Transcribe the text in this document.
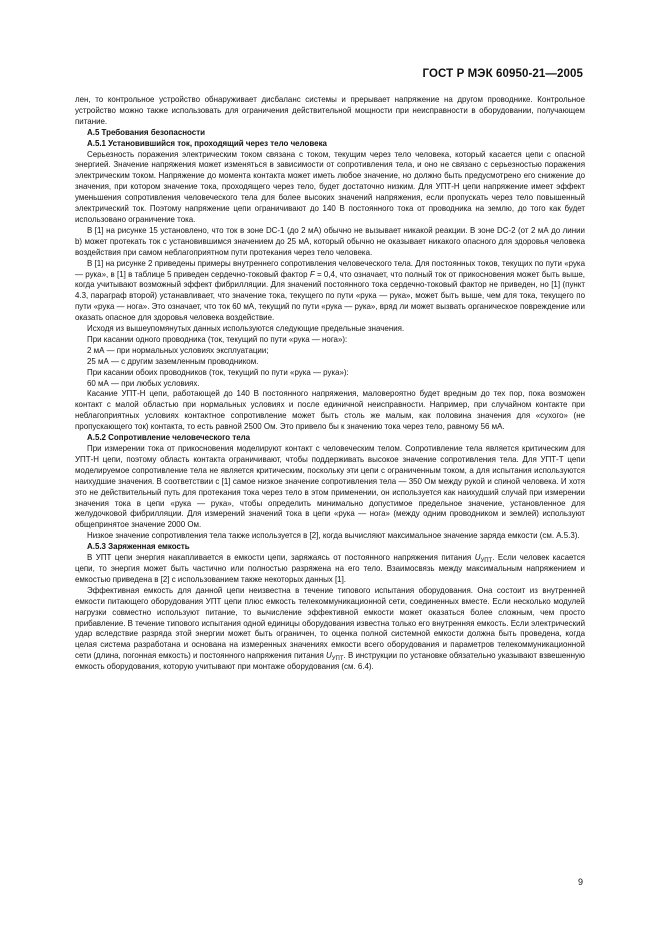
ГОСТ Р МЭК 60950-21—2005

лен, то контрольное устройство обнаруживает дисбаланс системы и прерывает напряжение на другом проводнике. Контрольное устройство можно также использовать для ограничения действительной мощности при неисправности в оборудовании, получающем питание.

А.5 Требования безопасности

А.5.1 Установившийся ток, проходящий через тело человека

Серьезность поражения электрическим током связана с током, текущим через тело человека, который касается цепи с опасной энергией. Значение напряжения может изменяться в зависимости от сопротивления тела, и оно не связано с серьезностью поражения электрическим током. Напряжение до момента контакта может иметь любое значение, но должно быть предусмотрено его снижение до значения, при котором значение тока, проходящего через тело, будет достаточно низким. Для УПТ-Н цепи напряжение имеет эффект уменьшения сопротивления человеческого тела для более высоких значений напряжения, если пропускать через тело повышенный электрический ток. Поэтому напряжение цепи ограничивают до 140 В постоянного тока от проводника на землю, до того как будет использовано ограничение тока.

В [1] на рисунке 15 установлено, что ток в зоне DC-1 (до 2 мА) обычно не вызывает никакой реакции. В зоне DC-2 (от 2 мА до линии b) может протекать ток с установившимся значением до 25 мА, который обычно не оказывает никакого опасного для здоровья человека воздействия при самом неблагоприятном пути протекания через тело человека.

В [1] на рисунке 2 приведены примеры внутреннего сопротивления человеческого тела. Для постоянных токов, текущих по пути «рука — рука», в [1] в таблице 5 приведен сердечно-токовый фактор F = 0,4, что означает, что полный ток от прикосновения может быть выше, когда учитывают возможный эффект фибрилляции. Для значений постоянного тока сердечно-токовый фактор не приведен, но [1] (пункт 4.3, параграф второй) устанавливает, что значение тока, текущего по пути «рука — рука», может быть выше, чем для тока, текущего по пути «рука — нога». Это означает, что ток 60 мА, текущий по пути «рука — рука», вряд ли может вызвать органическое повреждение или оказать опасное для здоровья человека воздействие.

Исходя из вышеупомянутых данных используются следующие предельные значения.

При касании одного проводника (ток, текущий по пути «рука — нога»):

2 мА — при нормальных условиях эксплуатации;

25 мА — с другим заземленным проводником.

При касании обоих проводников (ток, текущий по пути «рука — рука»):

60 мА — при любых условиях.

Касание УПТ-Н цепи, работающей до 140 В постоянного напряжения, маловероятно будет вредным до тех пор, пока возможен контакт с малой областью при нормальных условиях и после единичной неисправности. Например, при случайном контакте при неблагоприятных условиях контактное сопротивление может быть столь же малым, как половина значения для «сухого» (не пропускающего ток) контакта, то есть равной 2500 Ом. Это привело бы к значению тока через тело, равному 56 мА.

А.5.2 Сопротивление человеческого тела

При измерении тока от прикосновения моделируют контакт с человеческим телом. Сопротивление тела является критическим для УПТ-Н цепи, поэтому область контакта ограничивают, чтобы поддерживать высокое значение сопротивления тела. Для УПТ-Т цепи моделируемое сопротивление тела не является критическим, поскольку эти цепи с ограниченным током, а для испытания используются наихудшие значения. В соответствии с [1] самое низкое значение сопротивления тела — 350 Ом между рукой и спиной человека. И хотя это не действительный путь для протекания тока через тело в этом применении, он используется как наихудший случай при измерении значения тока в цепи «рука — рука», чтобы определить минимально допустимое предельное значение, установленное для желудочковой фибрилляции. Для измерений значений тока в цепи «рука — нога» (между одним проводником и землей) используют общепринятое значение 2000 Ом.

Низкое значение сопротивления тела также используется в [2], когда вычисляют максимальное значение заряда емкости (см. А.5.3).

А.5.3 Заряженная емкость

В УПТ цепи энергия накапливается в емкости цепи, заряжаясь от постоянного напряжения питания $U_{УПТ}$. Если человек касается цепи, то энергия может быть частично или полностью разряжена на его тело. Взаимосвязь между максимальным напряжением и емкостью приведена в [2] с использованием также некоторых данных [1].

Эффективная емкость для данной цепи неизвестна в течение типового испытания оборудования. Она состоит из внутренней емкости питающего оборудования УПТ цепи плюс емкость телекоммуникационной сети, соединенных вместе. Если несколько модулей нагрузки совместно используют питание, то вычисление эффективной емкости может оказаться более сложным, чем просто прибавление. В течение типового испытания одной единицы оборудования известна только его внутренняя емкость. Если электрический удар вследствие разряда этой энергии может быть ограничен, то оценка полной системной емкости должна быть проведена, когда целая система разработана и основана на измеренных значениях емкости всего оборудования и параметров телекоммуникационной сети (длина, погонная емкость) и постоянного напряжения питания $U_{УПТ}$. В инструкции по установке обязательно указывают взвешенную емкость оборудования, которую учитывают при монтаже оборудования (см. 6.4).

9
